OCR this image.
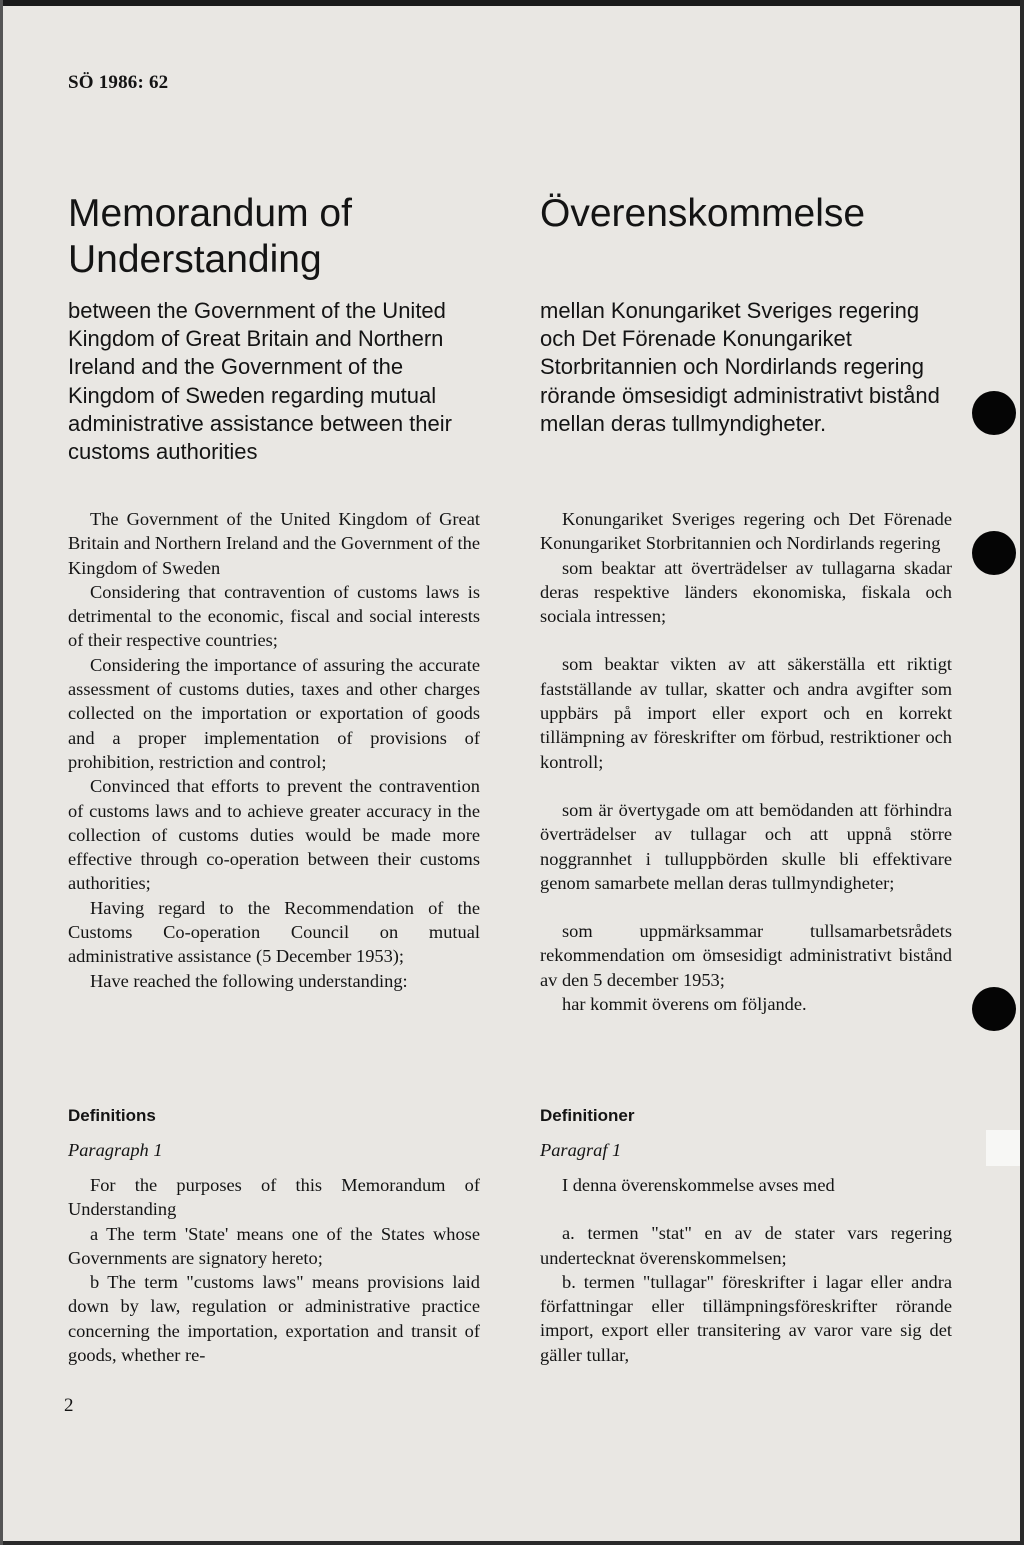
SÖ 1986: 62
Memorandum of Understanding

between the Government of the United Kingdom of Great Britain and Northern Ireland and the Government of the Kingdom of Sweden regarding mutual administrative assistance between their customs authorities

The Government of the United Kingdom of Great Britain and Northern Ireland and the Government of the Kingdom of Sweden

Considering that contravention of customs laws is detrimental to the economic, fiscal and social interests of their respective countries;

Considering the importance of assuring the accurate assessment of customs duties, taxes and other charges collected on the importation or exportation of goods and a proper implementation of provisions of prohibition, restriction and control;

Convinced that efforts to prevent the contravention of customs laws and to achieve greater accuracy in the collection of customs duties would be made more effective through co-operation between their customs authorities;

Having regard to the Recommendation of the Customs Co-operation Council on mutual administrative assistance (5 December 1953);

Have reached the following understanding:

Definitions

Paragraph 1

For the purposes of this Memorandum of Understanding

a The term 'State' means one of the States whose Governments are signatory hereto;

b The term "customs laws" means provisions laid down by law, regulation or administrative practice concerning the importation, exportation and transit of goods, whether re-

Överenskommelse

mellan Konungariket Sveriges regering och Det Förenade Konungariket Storbritannien och Nordirlands regering rörande ömsesidigt administrativt bistånd mellan deras tullmyndigheter.

Konungariket Sveriges regering och Det Förenade Konungariket Storbritannien och Nordirlands regering

som beaktar att överträdelser av tullagarna skadar deras respektive länders ekonomiska, fiskala och sociala intressen;

som beaktar vikten av att säkerställa ett riktigt fastställande av tullar, skatter och andra avgifter som uppbärs på import eller export och en korrekt tillämpning av föreskrifter om förbud, restriktioner och kontroll;

som är övertygade om att bemödanden att förhindra överträdelser av tullagar och att uppnå större noggrannhet i tulluppbörden skulle bli effektivare genom samarbete mellan deras tullmyndigheter;

som uppmärksammar tullsamarbetsrådets rekommendation om ömsesidigt administrativt bistånd av den 5 december 1953;

har kommit överens om följande.

Definitioner

Paragraf 1

I denna överenskommelse avses med

a. termen "stat" en av de stater vars regering undertecknat överenskommelsen;

b. termen "tullagar" föreskrifter i lagar eller andra författningar eller tillämpningsföreskrifter rörande import, export eller transitering av varor vare sig det gäller tullar,

2
